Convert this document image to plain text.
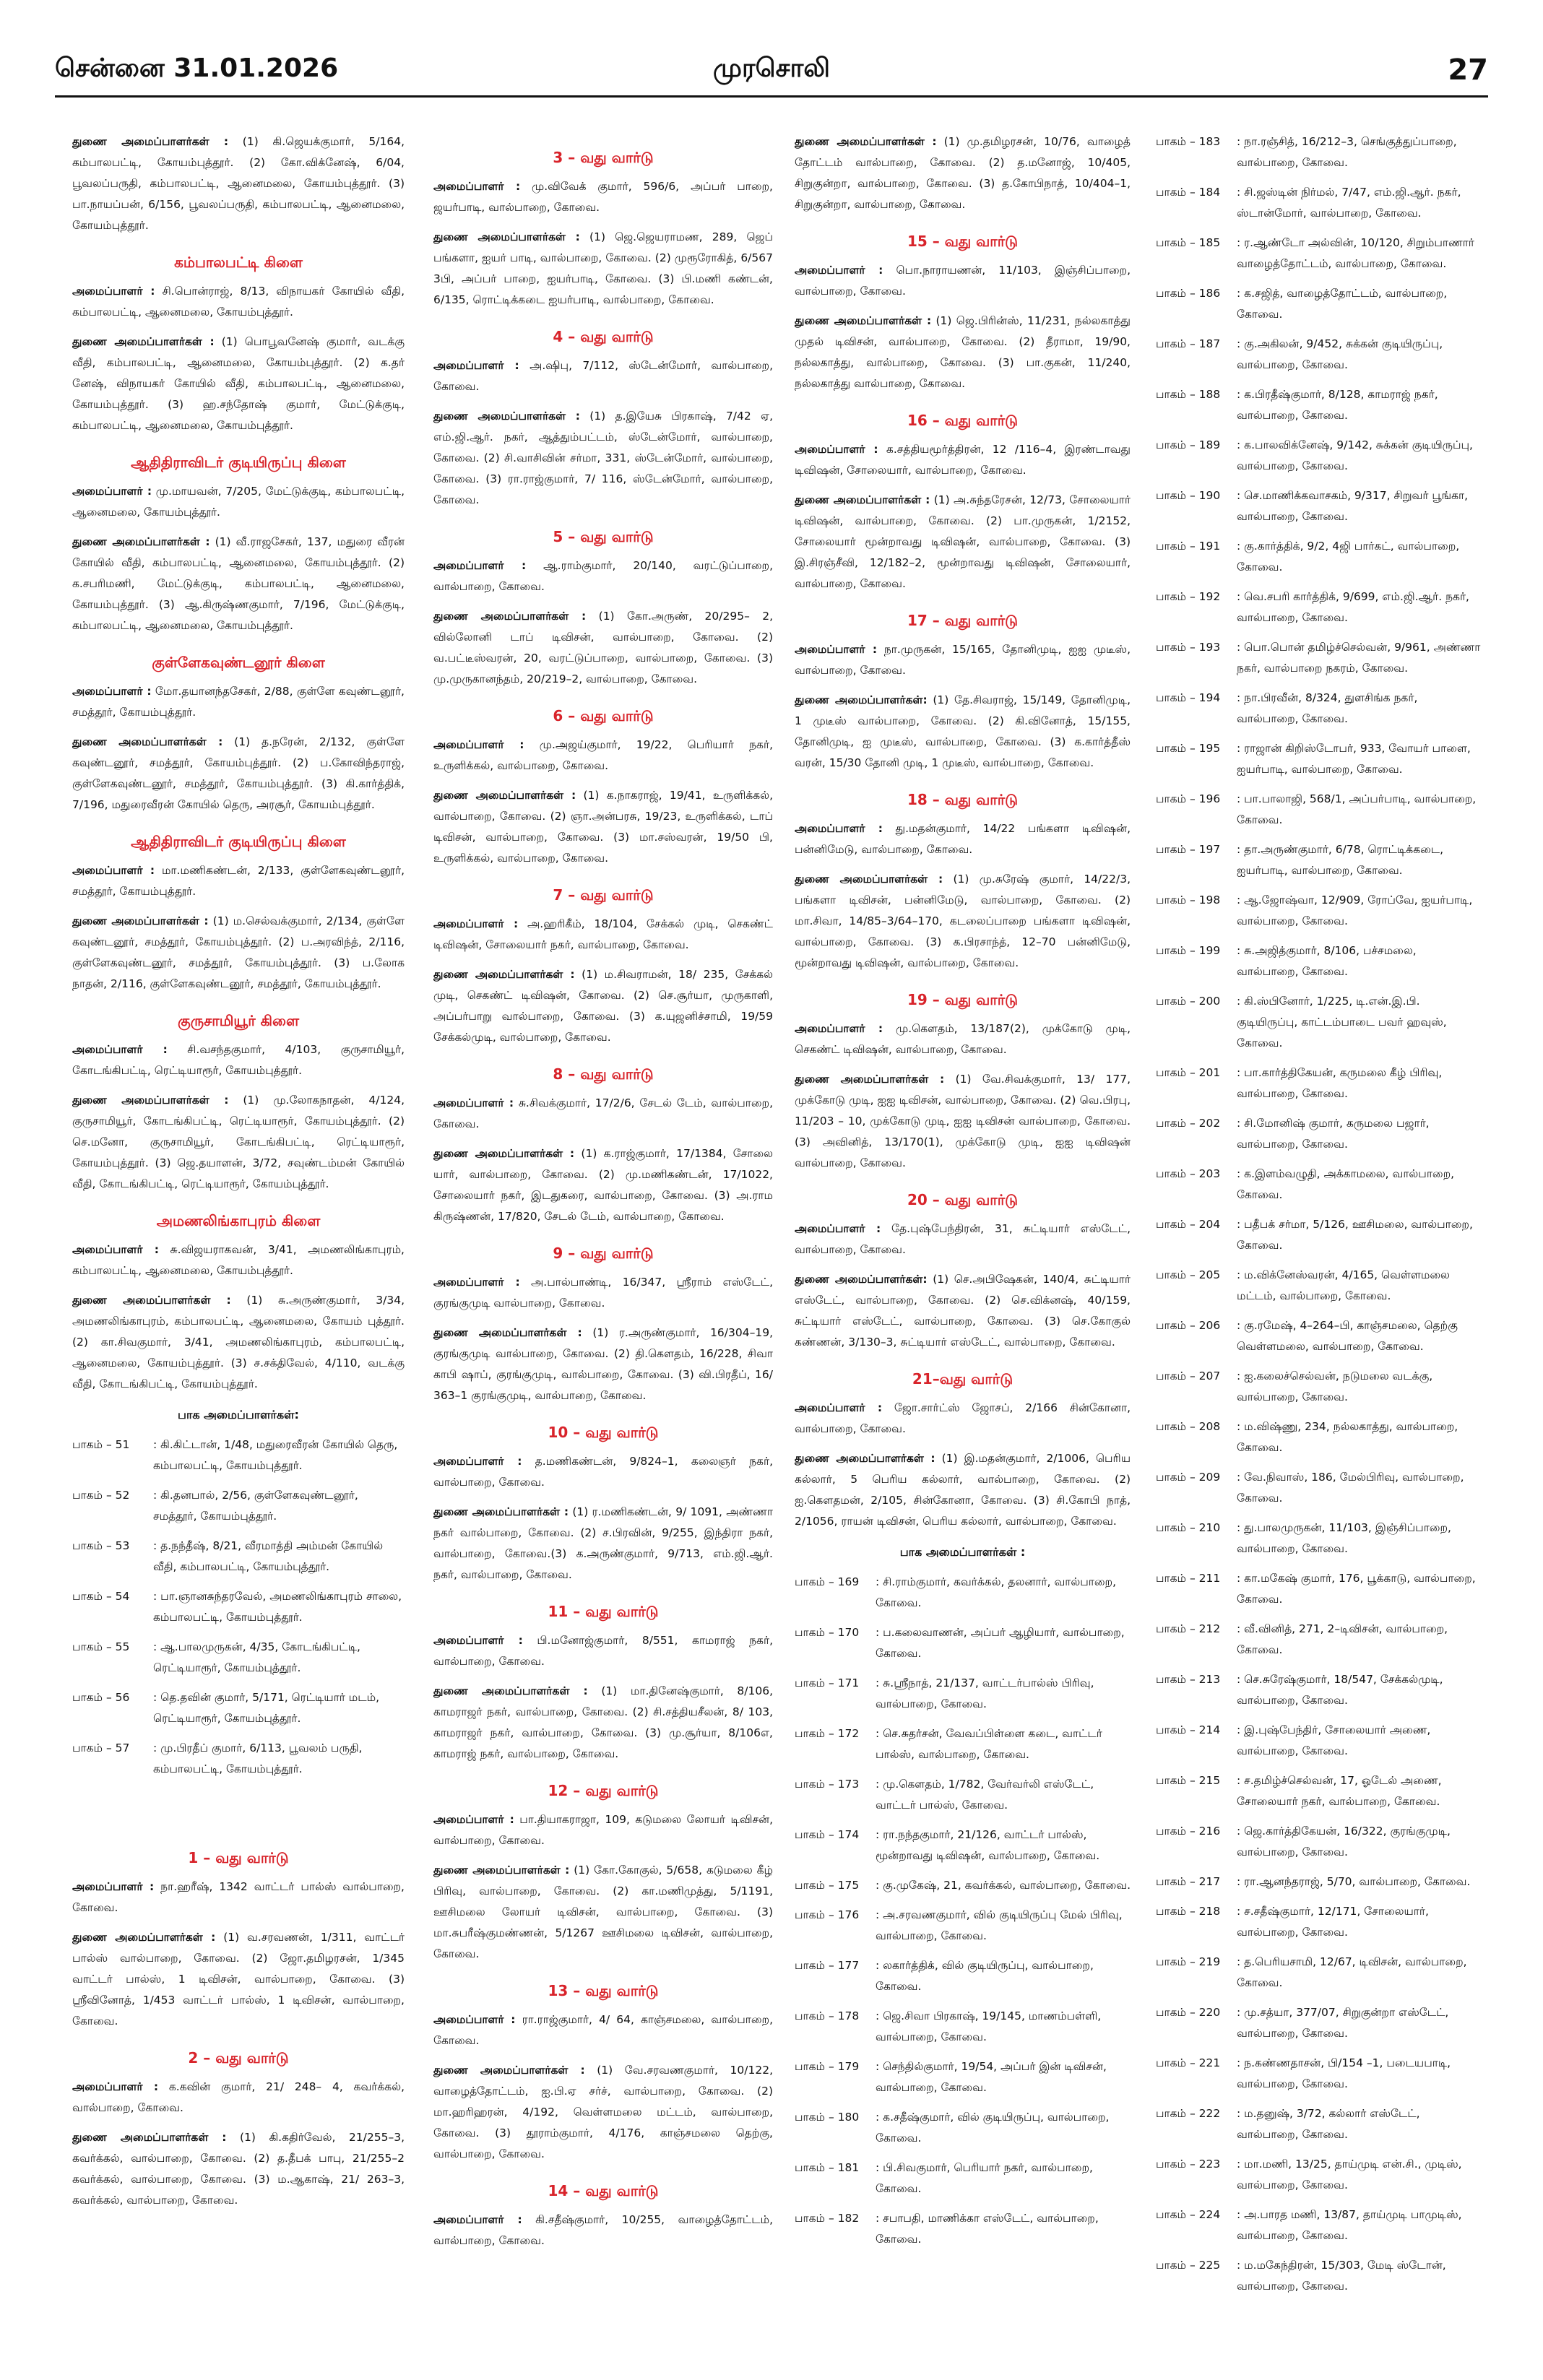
சென்னை 31.01.2026	முரசொலி	27

துணை அமைப்பாளர்கள் : (1) கி.ஜெயக்குமார், 5/164, கம்பாலபட்டி, கோயம்புத்தூர். (2) கோ.விக்னேஷ், 6/04, பூவலப்பருதி, கம்பாலபட்டி, ஆனைமலை, கோயம்புத்தூர். (3) பா.நாயப்பன், 6/156, பூவலப்பருதி, கம்பாலபட்டி, ஆனைமலை, கோயம்புத்தூர்.

கம்பாலபட்டி கிளை

அமைப்பாளர் : சி.பொன்ராஜ், 8/13, விநாயகர் கோயில் வீதி, கம்பாலபட்டி, ஆனைமலை, கோயம்புத்தூர்.

துணை அமைப்பாளர்கள் : (1) பொபூவனேஷ் குமார், வடக்கு வீதி, கம்பாலபட்டி, ஆனைமலை, கோயம்புத்தூர். (2) க.தர் னேஷ், விநாயகர் கோயில் வீதி, கம்பாலபட்டி, ஆனைமலை, கோயம்புத்தூர். (3) ஹ.சந்தோஷ் குமார், மேட்டுக்குடி, கம்பாலபட்டி, ஆனைமலை, கோயம்புத்தூர்.

ஆதிதிராவிடர் குடியிருப்பு கிளை

அமைப்பாளர் : மு.மாயவன், 7/205, மேட்டுக்குடி, கம்பாலபட்டி, ஆனைமலை, கோயம்புத்தூர்.

துணை அமைப்பாளர்கள் : (1) வீ.ராஜசேகர், 137, மதுரை வீரன் கோயில் வீதி, கம்பாலபட்டி, ஆனைமலை, கோயம்புத்தூர். (2) க.சபரிமணி, மேட்டுக்குடி, கம்பாலபட்டி, ஆனைமலை, கோயம்புத்தூர். (3) ஆ.கிருஷ்ணகுமார், 7/196, மேட்டுக்குடி, கம்பாலபட்டி, ஆனைமலை, கோயம்புத்தூர்.

குள்ளேகவுண்டனூர் கிளை

அமைப்பாளர் : மோ.தயானந்தசேகர், 2/88, குள்ளே கவுண்டனூர், சமத்தூர், கோயம்புத்தூர்.

துணை அமைப்பாளர்கள் : (1) த.நரேன், 2/132, குள்ளே கவுண்டனூர், சமத்தூர், கோயம்புத்தூர். (2) ப.கோவிந்தராஜ், குள்ளேகவுண்டனூர், சமத்தூர், கோயம்புத்தூர். (3) கி.கார்த்திக், 7/196, மதுரைவீரன் கோயில் தெரு, அரசூர், கோயம்புத்தூர்.

ஆதிதிராவிடர் குடியிருப்பு கிளை

அமைப்பாளர் : மா.மணிகண்டன், 2/133, குள்ளேகவுண்டனூர், சமத்தூர், கோயம்புத்தூர்.

துணை அமைப்பாளர்கள் : (1) ம.செல்வக்குமார், 2/134, குள்ளே கவுண்டனூர், சமத்தூர், கோயம்புத்தூர். (2) ப.அரவிந்த், 2/116, குள்ளேகவுண்டனூர், சமத்தூர், கோயம்புத்தூர். (3) ப.லோக நாதன், 2/116, குள்ளேகவுண்டனூர், சமத்தூர், கோயம்புத்தூர்.

குருசாமியூர் கிளை

அமைப்பாளர் : சி.வசந்தகுமார், 4/103, குருசாமியூர், கோடங்கிபட்டி, ரெட்டியாரூர், கோயம்புத்தூர்.

துணை அமைப்பாளர்கள் : (1) மு.லோகநாதன், 4/124, குருசாமியூர், கோடங்கிபட்டி, ரெட்டியாரூர், கோயம்புத்தூர். (2) செ.மனோ, குருசாமியூர், கோடங்கிபட்டி, ரெட்டியாரூர், கோயம்புத்தூர். (3) ஜெ.தயாளன், 3/72, சவுண்டம்மன் கோயில் வீதி, கோடங்கிபட்டி, ரெட்டியாரூர், கோயம்புத்தூர்.

அமணலிங்காபுரம் கிளை

அமைப்பாளர் : சு.விஜயராகவன், 3/41, அமணலிங்காபுரம், கம்பாலபட்டி, ஆனைமலை, கோயம்புத்தூர்.

துணை அமைப்பாளர்கள் : (1) சு.அருண்குமார், 3/34, அமணலிங்காபுரம், கம்பாலபட்டி, ஆனைமலை, கோயம் புத்தூர். (2) கா.சிவகுமார், 3/41, அமணலிங்காபுரம், கம்பாலபட்டி, ஆனைமலை, கோயம்புத்தூர். (3) ச.சக்திவேல், 4/110, வடக்கு வீதி, கோடங்கிபட்டி, கோயம்புத்தூர்.

பாக அமைப்பாளர்கள்:
பாகம் – 51	: கி.கிட்டான், 1/48, மதுரைவீரன் கோயில் தெரு, கம்பாலபட்டி, கோயம்புத்தூர்.
பாகம் – 52	: கி.தனபால், 2/56, குள்ளேகவுண்டனூர், சமத்தூர், கோயம்புத்தூர்.
பாகம் – 53	: த.நந்தீஷ், 8/21, வீரமாத்தி அம்மன் கோயில் வீதி, கம்பாலபட்டி, கோயம்புத்தூர்.
பாகம் – 54	: பா.ஞானசுந்தரவேல், அமணலிங்காபுரம் சாலை, கம்பாலபட்டி, கோயம்புத்தூர்.
பாகம் – 55	: ஆ.பாலமுருகன், 4/35, கோடங்கிபட்டி, ரெட்டியாரூர், கோயம்புத்தூர்.
பாகம் – 56	: தெ.தவின் குமார், 5/171, ரெட்டியார் மடம், ரெட்டியாரூர், கோயம்புத்தூர்.
பாகம் – 57	: மு.பிரதீப் குமார், 6/113, பூவலம் பருதி, கம்பாலபட்டி, கோயம்புத்தூர்.
1 – வது வார்டு

அமைப்பாளர் : நா.ஹரீஷ், 1342 வாட்டர் பால்ஸ் வால்பாறை, கோவை.

துணை அமைப்பாளர்கள் : (1) வ.சரவணன், 1/311, வாட்டர் பால்ஸ் வால்பாறை, கோவை. (2) ஜோ.தமிழரசன், 1/345 வாட்டர் பால்ஸ், 1 டிவிசன், வால்பாறை, கோவை. (3) ஸ்ரீவினோத், 1/453 வாட்டர் பால்ஸ், 1 டிவிசன், வால்பாறை, கோவை.

2 – வது வார்டு

அமைப்பாளர் : க.கவின் குமார், 21/ 248– 4, கவர்க்கல், வால்பாறை, கோவை.

துணை அமைப்பாளர்கள் : (1) கி.கதிர்வேல், 21/255–3, கவர்க்கல், வால்பாறை, கோவை. (2) த.தீபக் பாபு, 21/255–2 கவர்க்கல், வால்பாறை, கோவை. (3) ம.ஆகாஷ், 21/ 263–3, கவர்க்கல், வால்பாறை, கோவை.

3 – வது வார்டு

அமைப்பாளர் : மு.விவேக் குமார், 596/6, அப்பர் பாறை, ஜயர்பாடி, வால்பாறை, கோவை.

துணை அமைப்பாளர்கள் : (1) ஜெ.ஜெயராமண, 289, ஜெப் பங்களா, ஐயர் பாடி, வால்பாறை, கோவை. (2) முரூரோகித், 6/567 3பி, அப்பர் பாறை, ஐயர்பாடி, கோவை. (3) பி.மணி கண்டன், 6/135, ரொட்டிக்கடை ஐயர்பாடி, வால்பாறை, கோவை.

4 – வது வார்டு

அமைப்பாளர் : அ.ஷிபு, 7/112, ஸ்டேன்மோர், வால்பாறை, கோவை.

துணை அமைப்பாளர்கள் : (1) த.இயேசு பிரகாஷ், 7/42 ஏ, எம்.ஜி.ஆர். நகர், ஆத்தும்பட்டம், ஸ்டேன்மோர், வால்பாறை, கோவை. (2) சி.வாசிவின் சர்மா, 331, ஸ்டேன்மோர், வால்பாறை, கோவை. (3) ரா.ராஜ்குமார், 7/ 116, ஸ்டேன்மோர், வால்பாறை, கோவை.

5 – வது வார்டு

அமைப்பாளர் : ஆ.ராம்குமார், 20/140, வரட்டுப்பாறை, வால்பாறை, கோவை.

துணை அமைப்பாளர்கள் : (1) கோ.அருண், 20/295– 2, வில்லோனி டாப் டிவிசன், வால்பாறை, கோவை. (2) வ.பட்டீஸ்வரன், 20, வரட்டுப்பாறை, வால்பாறை, கோவை. (3) மு.முருகானந்தம், 20/219–2, வால்பாறை, கோவை.

6 – வது வார்டு

அமைப்பாளர் : மு.அஜய்குமார், 19/22, பெரியார் நகர், உருளிக்கல், வால்பாறை, கோவை.

துணை அமைப்பாளர்கள் : (1) க.நாகராஜ், 19/41, உருளிக்கல், வால்பாறை, கோவை. (2) ஞா.அன்பரசு, 19/23, உருளிக்கல், டாப் டிவிசன், வால்பாறை, கோவை. (3) மா.சஸ்வரன், 19/50 பி, உருளிக்கல், வால்பாறை, கோவை.

7 – வது வார்டு

அமைப்பாளர் : அ.ஹரிகீம், 18/104, சேக்கல் முடி, செகண்ட் டிவிஷன், சோலையார் நகர், வால்பாறை, கோவை.

துணை அமைப்பாளர்கள் : (1) ம.சிவராமன், 18/ 235, சேக்கல் முடி, செகண்ட் டிவிஷன், கோவை. (2) செ.சூர்யா, முருகாளி, அப்பர்பாறு வால்பாறை, கோவை. (3) க.யுஜனிச்சாமி, 19/59 சேக்கல்முடி, வால்பாறை, கோவை.

8 – வது வார்டு

அமைப்பாளர் : சு.சிவக்குமார், 17/2/6, சேடல் டேம், வால்பாறை, கோவை.

துணை அமைப்பாளர்கள் : (1) க.ராஜ்குமார், 17/1384, சோலை யார், வால்பாறை, கோவை. (2) மு.மணிகண்டன், 17/1022, சோலையார் நகர், இடதுகரை, வால்பாறை, கோவை. (3) அ.ராம கிருஷ்ணன், 17/820, சேடல் டேம், வால்பாறை, கோவை.

9 – வது வார்டு

அமைப்பாளர் : அ.பால்பாண்டி, 16/347, ஸ்ரீராம் எஸ்டேட், குரங்குமுடி வால்பாறை, கோவை.

துணை அமைப்பாளர்கள் : (1) ர.அருண்குமார், 16/304–19, குரங்குமுடி வால்பாறை, கோவை. (2) தி.கௌதம், 16/228, சிவா காபி ஷாப், குரங்குமுடி, வால்பாறை, கோவை. (3) வி.பிரதீப், 16/ 363–1 குரங்குமுடி, வால்பாறை, கோவை.

10 – வது வார்டு

அமைப்பாளர் : த.மணிகண்டன், 9/824–1, கலைஞர் நகர், வால்பாறை, கோவை.

துணை அமைப்பாளர்கள் : (1) ர.மணிகண்டன், 9/ 1091, அண்ணா நகர் வால்பாறை, கோவை. (2) ச.பிரவின், 9/255, இந்திரா நகர், வால்பாறை, கோவை.(3) க.அருண்குமார், 9/713, எம்.ஜி.ஆர். நகர், வால்பாறை, கோவை.

11 – வது வார்டு

அமைப்பாளர் : பி.மனோஜ்குமார், 8/551, காமராஜ் நகர், வால்பாறை, கோவை.

துணை அமைப்பாளர்கள் : (1) மா.தினேஷ்குமார், 8/106, காமராஜர் நகர், வால்பாறை, கோவை. (2) சி.சத்தியசீலன், 8/ 103, காமராஜர் நகர், வால்பாறை, கோவை. (3) மு.சூர்யா, 8/106எ, காமராஜ் நகர், வால்பாறை, கோவை.

12 – வது வார்டு

அமைப்பாளர் : பா.தியாகராஜா, 109, கடுமலை லோயர் டிவிசன், வால்பாறை, கோவை.

துணை அமைப்பாளர்கள் : (1) கோ.கோகுல், 5/658, கடுமலை கீழ் பிரிவு, வால்பாறை, கோவை. (2) கா.மணிமுத்து, 5/1191, ஊசிமலை லோயர் டிவிசன், வால்பாறை, கோவை. (3) மா.சுபரீஷ்குமண்ணன், 5/1267 ஊசிமலை டிவிசன், வால்பாறை, கோவை.

13 – வது வார்டு

அமைப்பாளர் : ரா.ராஜ்குமார், 4/ 64, காஞ்சமலை, வால்பாறை, கோவை.

துணை அமைப்பாளர்கள் : (1) வே.சரவணகுமார், 10/122, வாழைத்தோட்டம், ஐ.பி.ஏ சர்ச், வால்பாறை, கோவை. (2) மா.ஹரிஹரன், 4/192, வெள்ளமலை மட்டம், வால்பாறை, கோவை. (3) தூராம்குமார், 4/176, காஞ்சமலை தெற்கு, வால்பாறை, கோவை.

14 – வது வார்டு

அமைப்பாளர் : கி.சதீஷ்குமார், 10/255, வாழைத்தோட்டம், வால்பாறை, கோவை.

துணை அமைப்பாளர்கள் : (1) மு.தமிழரசன், 10/76, வாழைத் தோட்டம் வால்பாறை, கோவை. (2) த.மனோஜ், 10/405, சிறுகுன்றா, வால்பாறை, கோவை. (3) த.கோபிநாத், 10/404–1, சிறுகுன்றா, வால்பாறை, கோவை.

15 – வது வார்டு

அமைப்பாளர் : பொ.நாராயணன், 11/103, இஞ்சிப்பாறை, வால்பாறை, கோவை.

துணை அமைப்பாளர்கள் : (1) ஜெ.பிரின்ஸ், 11/231, நல்லகாத்து முதல் டிவிசன், வால்பாறை, கோவை. (2) தீராமா, 19/90, நல்லகாத்து, வால்பாறை, கோவை. (3) பா.குகன், 11/240, நல்லகாத்து வால்பாறை, கோவை.

16 – வது வார்டு

அமைப்பாளர் : க.சத்தியமூர்த்திரன், 12 /116–4, இரண்டாவது டிவிஷன், சோலையார், வால்பாறை, கோவை.

துணை அமைப்பாளர்கள் : (1) அ.சுந்தரேசன், 12/73, சோலையார் டிவிஷன், வால்பாறை, கோவை. (2) பா.முருகன், 1/2152, சோலையார் மூன்றாவது டிவிஷன், வால்பாறை, கோவை. (3) இ.சிரஞ்சீவி, 12/182–2, மூன்றாவது டிவிஷன், சோலையார், வால்பாறை, கோவை.

17 – வது வார்டு

அமைப்பாளர் : நா.முருகன், 15/165, தோனிமுடி, ஐஐ முடீஸ், வால்பாறை, கோவை.

துணை அமைப்பாளர்கள்: (1) தே.சிவராஜ், 15/149, தோனிமுடி, 1 முடீஸ் வால்பாறை, கோவை. (2) கி.வினோத், 15/155, தோனிமுடி, ஐ முடீஸ், வால்பாறை, கோவை. (3) க.கார்த்தீஸ் வரன், 15/30 தோனி முடி, 1 முடீஸ், வால்பாறை, கோவை.

18 – வது வார்டு

அமைப்பாளர் : து.மதன்குமார், 14/22 பங்களா டிவிஷன், பன்னிமேடு, வால்பாறை, கோவை.

துணை அமைப்பாளர்கள் : (1) மு.சுரேஷ் குமார், 14/22/3, பங்களா டிவிசன், பன்னிமேடு, வால்பாறை, கோவை. (2) மா.சிவா, 14/85–3/64–170, கடலைப்பாறை பங்களா டிவிஷன், வால்பாறை, கோவை. (3) க.பிரசாந்த், 12–70 பன்னிமேடு, மூன்றாவது டிவிஷன், வால்பாறை, கோவை.

19 – வது வார்டு

அமைப்பாளர் : மு.கௌதம், 13/187(2), முக்கோடு முடி, செகண்ட் டிவிஷன், வால்பாறை, கோவை.

துணை அமைப்பாளர்கள் : (1) வே.சிவக்குமார், 13/ 177, முக்கோடு முடி, ஐஐ டிவிசன், வால்பாறை, கோவை. (2) வெ.பிரபு, 11/203 – 10, முக்கோடு முடி, ஐஐ டிவிசன் வால்பாறை, கோவை. (3) அவினித், 13/170(1), முக்கோடு முடி, ஐஐ டிவிஷன் வால்பாறை, கோவை.

20 – வது வார்டு

அமைப்பாளர் : தே.புஷ்பேந்திரன், 31, சுட்டியார் எஸ்டேட், வால்பாறை, கோவை.

துணை அமைப்பாளர்கள்: (1) செ.அபிஷேகன், 140/4, சுட்டியார் எஸ்டேட், வால்பாறை, கோவை. (2) செ.விக்னஷ், 40/159, சுட்டியார் எஸ்டேட், வால்பாறை, கோவை. (3) செ.கோகுல் கண்ணன், 3/130–3, சுட்டியார் எஸ்டேட், வால்பாறை, கோவை.

21–வது வார்டு

அமைப்பாளர் : ஜோ.சார்ட்ஸ் ஜோசப், 2/166 சின்கோனா, வால்பாறை, கோவை.

துணை அமைப்பாளர்கள் : (1) இ.மதன்குமார், 2/1006, பெரிய கல்லார், 5 பெரிய கல்லார், வால்பாறை, கோவை. (2) ஐ.கௌதமன், 2/105, சின்கோனா, கோவை. (3) சி.கோபி நாத், 2/1056, ராயன் டிவிசன், பெரிய கல்லார், வால்பாறை, கோவை.

பாக அமைப்பாளர்கள் :
பாகம் – 169	: சி.ராம்குமார், கவர்க்கல், தலனார், வால்பாறை, கோவை.
பாகம் – 170	: ப.கலைவாணன், அப்பர் ஆழியார், வால்பாறை, கோவை.
பாகம் – 171	: சு.ஸ்ரீநாத், 21/137, வாட்டர்பால்ஸ் பிரிவு, வால்பாறை, கோவை.
பாகம் – 172	: செ.சுதர்சன், வேவப்பிள்ளை கடை, வாட்டர் பால்ஸ், வால்பாறை, கோவை.
பாகம் – 173	: மு.கௌதம், 1/782, வேர்வர்லி எஸ்டேட், வாட்டர் பால்ஸ், கோவை.
பாகம் – 174	: ரா.நந்தகுமார், 21/126, வாட்டர் பால்ஸ், மூன்றாவது டிவிஷன், வால்பாறை, கோவை.
பாகம் – 175	: கு.முகேஷ், 21, கவர்க்கல், வால்பாறை, கோவை.
பாகம் – 176	: அ.சரவணகுமார், வில் குடியிருப்பு மேல் பிரிவு, வால்பாறை, கோவை.
பாகம் – 177	: லகார்த்திக், வில் குடியிருப்பு, வால்பாறை, கோவை.
பாகம் – 178	: ஜெ.சிவா பிரகாஷ், 19/145, மாணம்பள்ளி, வால்பாறை, கோவை.
பாகம் – 179	: செந்தில்குமார், 19/54, அப்பர் இன் டிவிசன், வால்பாறை, கோவை.
பாகம் – 180	: க.சதீஷ்குமார், வில் குடியிருப்பு, வால்பாறை, கோவை.
பாகம் – 181	: பி.சிவகுமார், பெரியார் நகர், வால்பாறை, கோவை.
பாகம் – 182	: சபாபதி, மாணிக்கா எஸ்டேட், வால்பாறை, கோவை.
பாகம் – 183	: நா.ரஞ்சித், 16/212–3, செங்குத்துப்பாறை, வால்பாறை, கோவை.
பாகம் – 184	: சி.ஜஸ்டின் நிர்மல், 7/47, எம்.ஜி.ஆர். நகர், ஸ்டான்மோர், வால்பாறை, கோவை.
பாகம் – 185	: ர.ஆண்டோ அல்வின், 10/120, சிறும்பாணார் வாழைத்தோட்டம், வால்பாறை, கோவை.
பாகம் – 186	: க.சஜித், வாழைத்தோட்டம், வால்பாறை, கோவை.
பாகம் – 187	: கு.அகிலன், 9/452, சுக்கன் குடியிருப்பு, வால்பாறை, கோவை.
பாகம் – 188	: க.பிரதீஷ்குமார், 8/128, காமராஜ் நகர், வால்பாறை, கோவை.
பாகம் – 189	: க.பாலவிக்னேஷ், 9/142, சுக்கன் குடியிருப்பு, வால்பாறை, கோவை.
பாகம் – 190	: செ.மாணிக்கவாசகம், 9/317, சிறுவர் பூங்கா, வால்பாறை, கோவை.
பாகம் – 191	: கு.கார்த்திக், 9/2, 4ஜி பார்கட், வால்பாறை, கோவை.
பாகம் – 192	: வெ.சபரி கார்த்திக், 9/699, எம்.ஜி.ஆர். நகர், வால்பாறை, கோவை.
பாகம் – 193	: பொ.பொன் தமிழ்ச்செல்வன், 9/961, அண்ணா நகர், வால்பாறை நகரம், கோவை.
பாகம் – 194	: நா.பிரவீன், 8/324, துளசிங்க நகர், வால்பாறை, கோவை.
பாகம் – 195	: ராஜான் கிறிஸ்டோபர், 933, வோயர் பாளை, ஐயர்பாடி, வால்பாறை, கோவை.
பாகம் – 196	: பா.பாலாஜி, 568/1, அப்பர்பாடி, வால்பாறை, கோவை.
பாகம் – 197	: தா.அருண்குமார், 6/78, ரொட்டிக்கடை, ஐயர்பாடி, வால்பாறை, கோவை.
பாகம் – 198	: ஆ.ஜோஷ்வா, 12/909, ரோப்வே, ஐயர்பாடி, வால்பாறை, கோவை.
பாகம் – 199	: சு.அஜித்குமார், 8/106, பச்சமலை, வால்பாறை, கோவை.
பாகம் – 200	: கி.ஸ்பினோர், 1/225, டி.என்.இ.பி. குடியிருப்பு, காட்டம்பாடை பவர் ஹவுஸ், கோவை.
பாகம் – 201	: பா.கார்த்திகேயன், கருமலை கீழ் பிரிவு, வால்பாறை, கோவை.
பாகம் – 202	: சி.மோனிஷ் குமார், கருமலை பஜார், வால்பாறை, கோவை.
பாகம் – 203	: க.இளம்வழுதி, அக்காமலை, வால்பாறை, கோவை.
பாகம் – 204	: பதீபக் சர்மா, 5/126, ஊசிமலை, வால்பாறை, கோவை.
பாகம் – 205	: ம.விக்னேஸ்வரன், 4/165, வெள்ளமலை மட்டம், வால்பாறை, கோவை.
பாகம் – 206	: கு.ரமேஷ், 4–264–பி, காஞ்சமலை, தெற்கு வெள்ளமலை, வால்பாறை, கோவை.
பாகம் – 207	: ஐ.கலைச்செல்வன், நடுமலை வடக்கு, வால்பாறை, கோவை.
பாகம் – 208	: ம.விஷ்ணு, 234, நல்லகாத்து, வால்பாறை, கோவை.
பாகம் – 209	: வே.நிவாஸ், 186, மேல்பிரிவு, வால்பாறை, கோவை.
பாகம் – 210	: து.பாலமுருகன், 11/103, இஞ்சிப்பாறை, வால்பாறை, கோவை.
பாகம் – 211	: கா.மகேஷ் குமார், 176, பூக்காடு, வால்பாறை, கோவை.
பாகம் – 212	: வீ.வினித், 271, 2–டிவிசன், வால்பாறை, கோவை.
பாகம் – 213	: செ.சுரேஷ்குமார், 18/547, சேக்கல்முடி, வால்பாறை, கோவை.
பாகம் – 214	: இ.புஷ்பேந்திர், சோலையார் அணை, வால்பாறை, கோவை.
பாகம் – 215	: ச.தமிழ்ச்செல்வன், 17, ஓடேல் அணை, சோலையார் நகர், வால்பாறை, கோவை.
பாகம் – 216	: ஜெ.கார்த்திகேயன், 16/322, குரங்குமுடி, வால்பாறை, கோவை.
பாகம் – 217	: ரா.ஆனந்தராஜ், 5/70, வால்பாறை, கோவை.
பாகம் – 218	: ச.சதீஷ்குமார், 12/171, சோலையார், வால்பாறை, கோவை.
பாகம் – 219	: த.பெரியசாமி, 12/67, டிவிசன், வால்பாறை, கோவை.
பாகம் – 220	: மு.சத்யா, 377/07, சிறுகுன்றா எஸ்டேட், வால்பாறை, கோவை.
பாகம் – 221	: ந.கண்ணதாசன், பி/154 –1, படையபாடி, வால்பாறை, கோவை.
பாகம் – 222	: ம.தனுஷ், 3/72, கல்லார் எஸ்டேட், வால்பாறை, கோவை.
பாகம் – 223	: மா.மணி, 13/25, தாய்முடி என்.சி., முடிஸ், வால்பாறை, கோவை.
பாகம் – 224	: அ.பாரத மணி, 13/87, தாய்முடி பாமுடிஸ், வால்பாறை, கோவை.
பாகம் – 225	: ம.மகேந்திரன், 15/303, மேடி ஸ்டோன், வால்பாறை, கோவை.
